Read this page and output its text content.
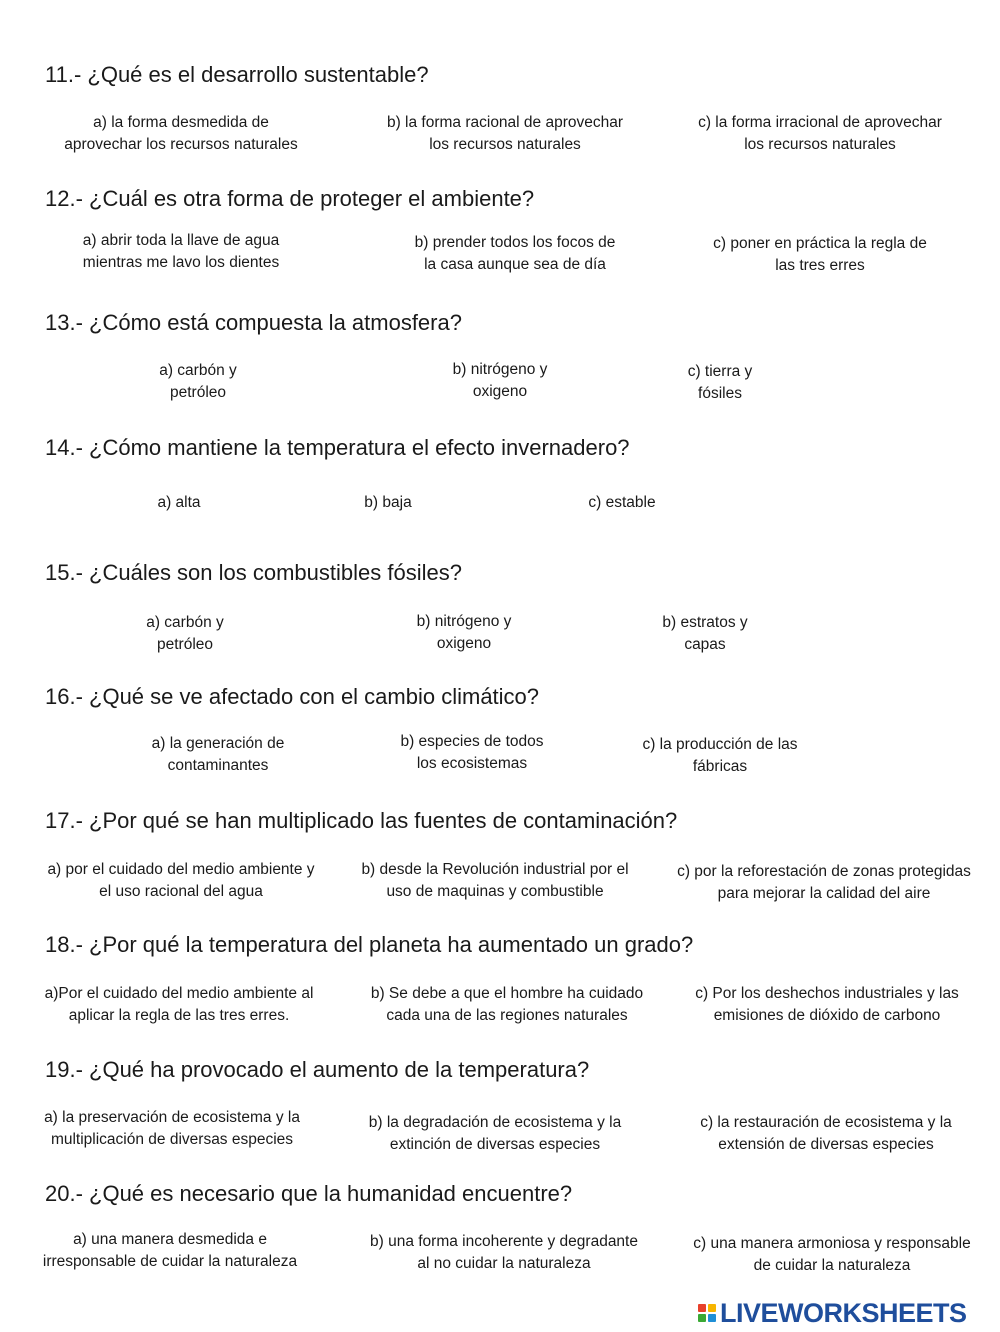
11.- ¿Qué es el desarrollo sustentable?
a) la forma desmedida de
aprovechar los recursos naturales
b) la forma racional de aprovechar
los recursos naturales
c) la forma irracional de aprovechar
los recursos naturales
12.- ¿Cuál es otra forma de proteger el ambiente?
a) abrir toda la llave de agua
mientras me lavo los dientes
b) prender todos los focos de
la casa aunque sea de día
c) poner en práctica la regla de
las tres erres
13.- ¿Cómo está compuesta la atmosfera?
a) carbón y
petróleo
b) nitrógeno y
oxigeno
c) tierra y
fósiles
14.- ¿Cómo mantiene la temperatura el efecto invernadero?
a) alta	b) baja	c) estable
15.- ¿Cuáles son los combustibles fósiles?
a) carbón y
petróleo
b) nitrógeno y
oxigeno
b) estratos y
capas
16.- ¿Qué se ve afectado con el cambio climático?
a) la generación de
contaminantes
b) especies de todos
los ecosistemas
c) la producción de las
fábricas
17.- ¿Por qué se han multiplicado las fuentes de contaminación?
a) por el cuidado del medio ambiente y
el uso racional del agua
b) desde la Revolución industrial por el
uso de maquinas y combustible
c) por la reforestación de zonas protegidas
para mejorar la calidad del aire
18.- ¿Por qué la temperatura del planeta ha aumentado un grado?
a)Por el cuidado del medio ambiente al
aplicar la regla de las tres erres.
b) Se debe a que el hombre ha cuidado
cada una de las regiones naturales
c) Por los deshechos industriales y las
emisiones de dióxido de carbono
19.- ¿Qué ha provocado el aumento de la temperatura?
a) la preservación de ecosistema y la
multiplicación de diversas especies
b) la degradación de ecosistema y la
extinción de diversas especies
c) la restauración de ecosistema y la
extensión de diversas especies
20.- ¿Qué es necesario que la humanidad encuentre?
a) una manera desmedida e
irresponsable de cuidar la naturaleza
b) una forma incoherente y degradante
al no cuidar la naturaleza
c) una manera armoniosa y responsable
de cuidar la naturaleza
LIVEWORKSHEETS
